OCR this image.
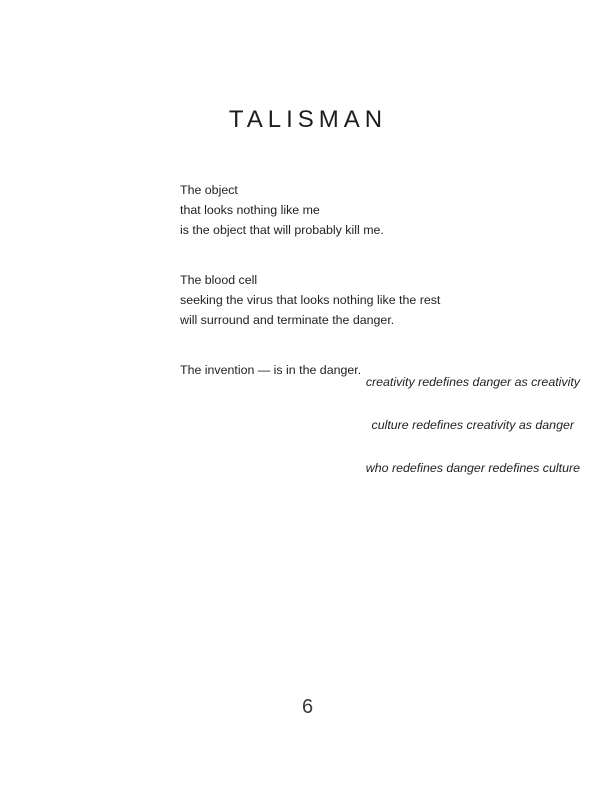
TALISMAN
The object
that looks nothing like me
is the object that will probably kill me.
The blood cell
seeking the virus that looks nothing like the rest
will surround and terminate the danger.
The invention — is in the danger.
creativity redefines danger as creativity
culture redefines creativity as danger
who redefines danger redefines culture
6
